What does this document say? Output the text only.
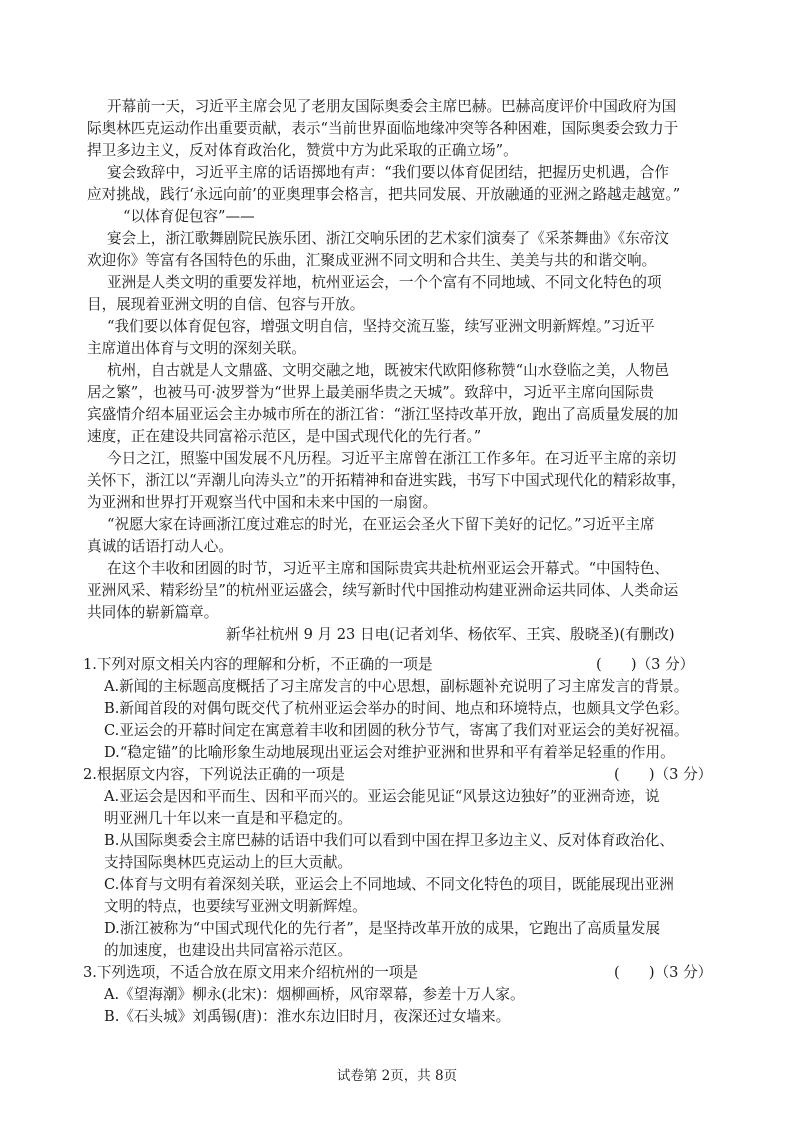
开幕前一天，习近平主席会见了老朋友国际奥委会主席巴赫。巴赫高度评价中国政府为国
际奥林匹克运动作出重要贡献，表示“当前世界面临地缘冲突等各种困难，国际奥委会致力于
捍卫多边主义，反对体育政治化，赞赏中方为此采取的正确立场”。
宴会致辞中，习近平主席的话语掷地有声：“我们要以体育促团结，把握历史机遇，合作
应对挑战，践行‘永远向前’的亚奥理事会格言，把共同发展、开放融通的亚洲之路越走越宽。”
“以体育促包容”——
宴会上，浙江歌舞剧院民族乐团、浙江交响乐团的艺术家们演奏了《采茶舞曲》《东帝汶
欢迎你》等富有各国特色的乐曲，汇聚成亚洲不同文明和合共生、美美与共的和谐交响。
亚洲是人类文明的重要发祥地，杭州亚运会，一个个富有不同地域、不同文化特色的项
目，展现着亚洲文明的自信、包容与开放。
“我们要以体育促包容，增强文明自信，坚持交流互鉴，续写亚洲文明新辉煌。”习近平
主席道出体育与文明的深刻关联。
杭州，自古就是人文鼎盛、文明交融之地，既被宋代欧阳修称赞“山水登临之美，人物邑
居之繁”，也被马可·波罗誉为“世界上最美丽华贵之天城”。致辞中，习近平主席向国际贵
宾盛情介绍本届亚运会主办城市所在的浙江省：“浙江坚持改革开放，跑出了高质量发展的加
速度，正在建设共同富裕示范区，是中国式现代化的先行者。”
今日之江，照鉴中国发展不凡历程。习近平主席曾在浙江工作多年。在习近平主席的亲切
关怀下，浙江以“弄潮儿向涛头立”的开拓精神和奋进实践，书写下中国式现代化的精彩故事，
为亚洲和世界打开观察当代中国和未来中国的一扇窗。
“祝愿大家在诗画浙江度过难忘的时光，在亚运会圣火下留下美好的记忆。”习近平主席
真诚的话语打动人心。
在这个丰收和团圆的时节，习近平主席和国际贵宾共赴杭州亚运会开幕式。“中国特色、
亚洲风采、精彩纷呈”的杭州亚运盛会，续写新时代中国推动构建亚洲命运共同体、人类命运
共同体的崭新篇章。
新华社杭州 9 月 23 日电(记者刘华、杨依军、王宾、殷晓圣)(有删改)
1.下列对原文相关内容的理解和分析，不正确的一项是	(　　)（3 分）
A.新闻的主标题高度概括了习主席发言的中心思想，副标题补充说明了习主席发言的背景。
B.新闻首段的对偶句既交代了杭州亚运会举办的时间、地点和环境特点，也颇具文学色彩。
C.亚运会的开幕时间定在寓意着丰收和团圆的秋分节气，寄寓了我们对亚运会的美好祝福。
D.“稳定锚”的比喻形象生动地展现出亚运会对维护亚洲和世界和平有着举足轻重的作用。
2.根据原文内容，下列说法正确的一项是	(　　)（3 分）
A.亚运会是因和平而生、因和平而兴的。亚运会能见证“风景这边独好”的亚洲奇迹，说
明亚洲几十年以来一直是和平稳定的。
B.从国际奥委会主席巴赫的话语中我们可以看到中国在捍卫多边主义、反对体育政治化、
支持国际奥林匹克运动上的巨大贡献。
C.体育与文明有着深刻关联，亚运会上不同地域、不同文化特色的项目，既能展现出亚洲
文明的特点，也要续写亚洲文明新辉煌。
D.浙江被称为“中国式现代化的先行者”，是坚持改革开放的成果，它跑出了高质量发展
的加速度，也建设出共同富裕示范区。
3.下列选项，不适合放在原文用来介绍杭州的一项是	(　　)（3 分）
A.《望海潮》柳永(北宋)：烟柳画桥，风帘翠幕，参差十万人家。
B.《石头城》刘禹锡(唐)：淮水东边旧时月，夜深还过女墙来。
试卷第 2页，共 8页
